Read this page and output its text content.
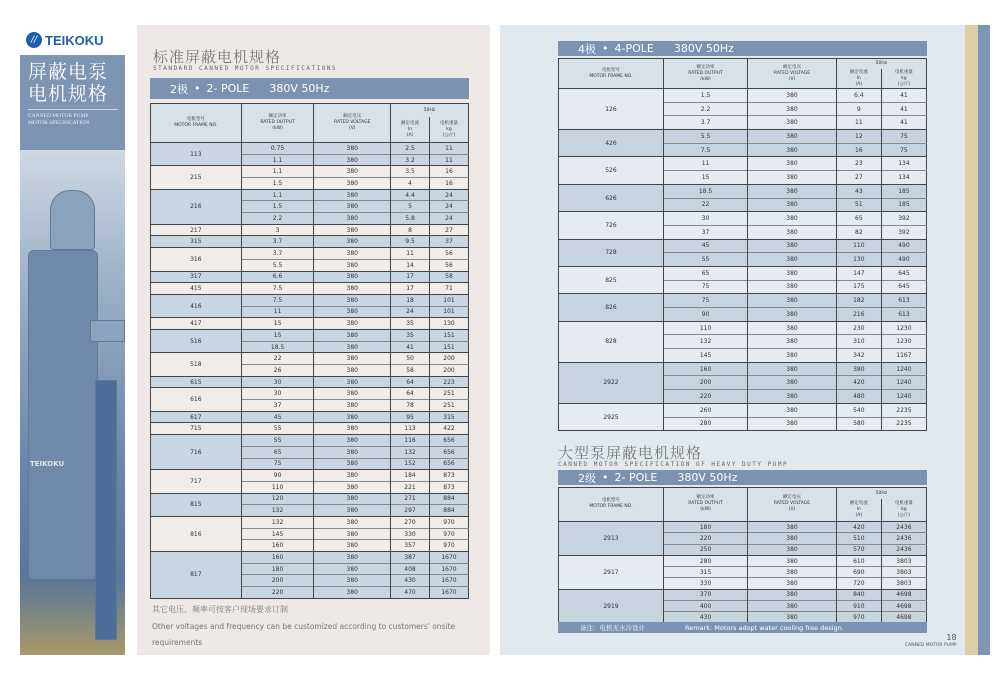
// TEIKOKU
屏蔽电泵
电机规格
CANNED MOTOR PUMP
MOTOR SPECIFICATION
TEIKOKU
17
CANNED MOTOR PUMP
标准屏蔽电机规格
STANDARD CANNED MOTOR SPECIFICATIONS
2极 • 2- POLE 380V 50Hz
电机型号
MOTOR FRAME NO.	额定功率
RATED OUTPUT
(kW)	额定电压
RATED VOLTAGE
(V)	50Hz	
			额定电流
In
(A)	电机重量
kg
(公斤)
113	0.75	380	2.5	11
	1.1	380	3.2	11
215	1.1	380	3.5	16
	1.5	380	4	16
216	1.1	380	4.4	24
	1.5	380	5	24
	2.2	380	5.8	24
217	3	380	8	27
315	3.7	380	9.5	37
316	3.7	380	11	56
	5.5	380	14	56
317	6.6	380	17	58
415	7.5	380	17	71
416	7.5	380	18	101
	11	380	24	101
417	15	380	35	130
516	15	380	35	151
	18.5	380	41	151
518	22	380	50	200
	26	380	58	200
615	30	380	64	223
616	30	380	64	251
	37	380	78	251
617	45	380	95	315
715	55	380	113	422
716	55	380	116	656
	65	380	132	656
	75	380	152	656
717	90	380	184	873
	110	380	221	873
815	120	380	271	884
	132	380	297	884
816	132	380	270	970
	145	380	330	970
	160	380	357	970
817	160	380	387	1670
	180	380	408	1670
	200	380	430	1670
	220	380	470	1670
其它电压、频率可按客户现场要求订制
Other voltages and frequency can be customized according to customers' onsite requirements
4极 • 4-POLE 380V 50Hz
电机型号
MOTOR FRAME NO.	额定功率
RATED OUTPUT
(kW)	额定电压
RATED VOLTAGE
(V)	50Hz	
			额定电流
In
(A)	电机重量
kg
(公斤)
126	1.5	380	6.4	41
	2.2	380	9	41
	3.7	380	11	41
426	5.5	380	12	75
	7.5	380	16	75
526	11	380	23	134
	15	380	27	134
626	18.5	380	43	185
	22	380	51	185
726	30	380	65	392
	37	380	82	392
728	45	380	110	490
	55	380	130	490
825	65	380	147	645
	75	380	175	645
826	75	380	182	613
	90	380	216	613
828	110	380	230	1230
	132	380	310	1230
	145	380	342	1167
2922	160	380	380	1240
	200	380	420	1240
	220	380	480	1240
2925	260	380	540	2235
	280	380	580	2235
大型泵屏蔽电机规格
CANNED MOTOR SPECIFICATION OF HEAVY DUTY PUMP
2级 • 2- POLE 380V 50Hz
电机型号
MOTOR FRAME NO.	额定功率
RATED OUTPUT
(kW)	额定电压
RATED VOLTAGE
(V)	50Hz	
			额定电流
In
(A)	电机重量
kg
(公斤)
2913	180	380	420	2436
	220	380	510	2436
	250	380	570	2436
2917	280	380	610	3803
	315	380	690	3803
	330	380	720	3803
2919	370	380	840	4698
	400	380	910	4698
	430	380	970	4698
备注：电机无水冷设计	Remark: Motors adopt water cooling free design.
18
CANNED MOTOR PUMP
